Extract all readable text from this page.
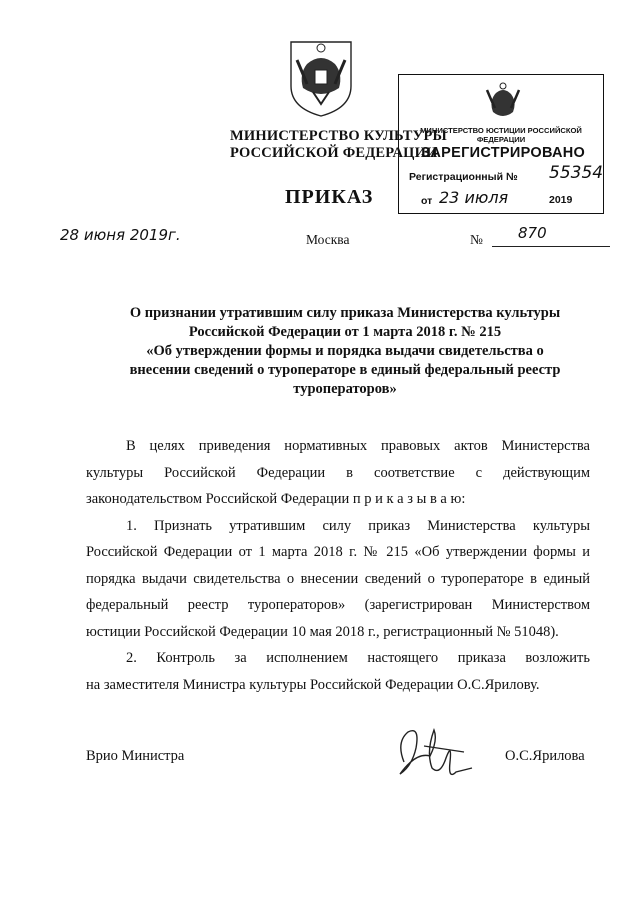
МИНИСТЕРСТВО КУЛЬТУРЫ
РОССИЙСКОЙ ФЕДЕРАЦИИ
ПРИКАЗ
28 июня 2019г.	Москва	№ 870
МИНИСТЕРСТВО ЮСТИЦИИ РОССИЙСКОЙ ФЕДЕРАЦИИ
ЗАРЕГИСТРИРОВАНО
Регистрационный № 55354
от 23 июля	2019
О признании утратившим силу приказа Министерства культуры
Российской Федерации от 1 марта 2018 г. № 215
«Об утверждении формы и порядка выдачи свидетельства о
внесении сведений о туроператоре в единый федеральный реестр
туроператоров»

В целях приведения нормативных правовых актов Министерства

культуры Российской Федерации в соответствие с действующим

законодательством Российской Федерации п р и к а з ы в а ю:

1. Признать утратившим силу приказ Министерства культуры

Российской Федерации от 1 марта 2018 г. № 215 «Об утверждении формы и

порядка выдачи свидетельства о внесении сведений о туроператоре в единый

федеральный реестр туроператоров» (зарегистрирован Министерством

юстиции Российской Федерации 10 мая 2018 г., регистрационный № 51048).

2. Контроль за исполнением настоящего приказа возложить

на заместителя Министра культуры Российской Федерации О.С.Ярилову.

Врио Министра	О.С.Ярилова
